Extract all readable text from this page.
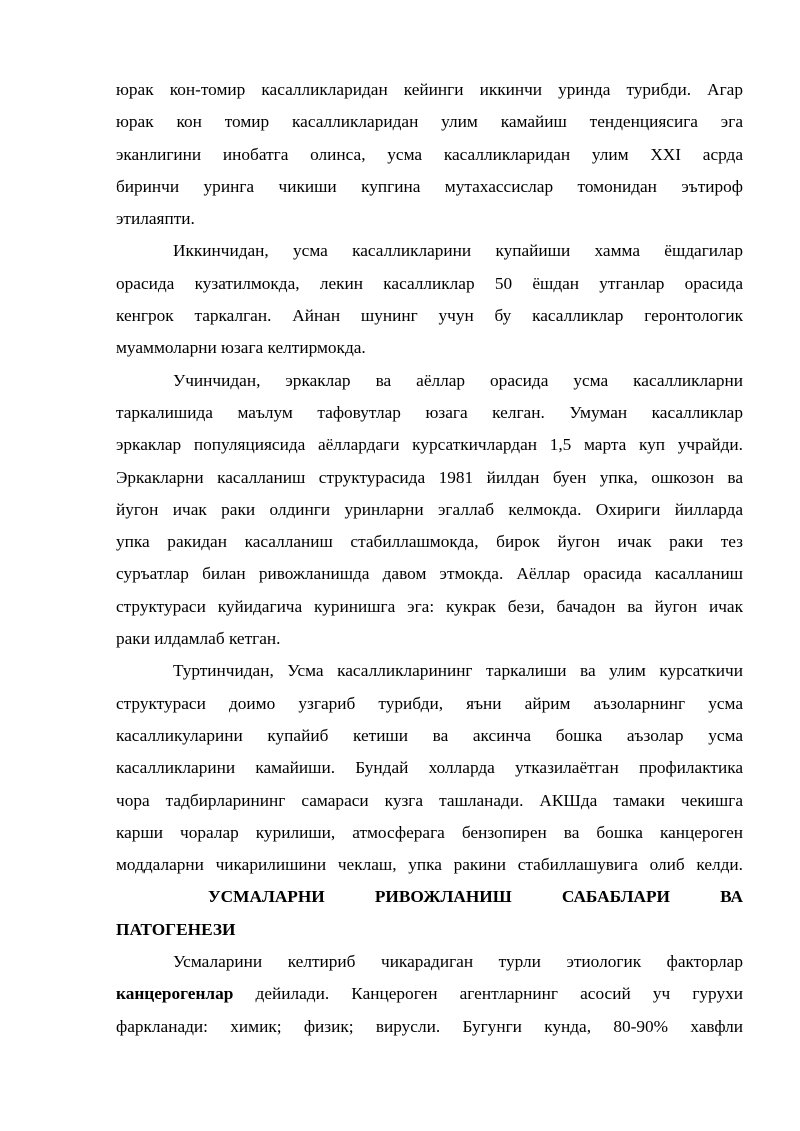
юрак кон-томир касалликларидан кейинги иккинчи уринда турибди. Агар
юрак кон томир касалликларидан улим камайиш тенденциясига эга
эканлигини инобатга олинса, усма касалликларидан улим XXI асрда
биринчи уринга чикиши купгина мутахассислар томонидан эътироф
этилаяпти.
Иккинчидан, усма касалликларини купайиши хамма ёшдагилар
орасида кузатилмокда, лекин касалликлар 50 ёшдан утганлар орасида
кенгрок таркалган. Айнан шунинг учун бу касалликлар геронтологик
муаммоларни юзага келтирмокда.
Учинчидан, эркаклар ва аёллар орасида усма касалликларни
таркалишида маълум тафовутлар юзага келган. Умуман касалликлар
эркаклар популяциясида аёллардаги курсаткичлардан 1,5 марта куп учрайди.
Эркакларни касалланиш структурасида 1981 йилдан буен упка, ошкозон ва
йугон ичак раки олдинги уринларни эгаллаб келмокда. Охириги йилларда
упка ракидан касалланиш стабиллашмокда, бирок йугон ичак раки тез
суръатлар билан ривожланишда давом этмокда. Аёллар орасида касалланиш
структураси куйидагича куринишга эга: кукрак бези, бачадон ва йугон ичак
раки илдамлаб кетган.
Туртинчидан, Усма касалликларининг таркалиши ва улим курсаткичи
структураси доимо узгариб турибди, яъни айрим аъзоларнинг усма
касалликуларини купайиб кетиши ва аксинча бошка аъзолар усма
касалликларини камайиши. Бундай холларда утказилаётган профилактика
чора тадбирларининг самараси кузга ташланади. АКШда тамаки чекишга
карши чоралар курилиши, атмосферага бензопирен ва бошка канцероген
моддаларни чикарилишини чеклаш, упка ракини стабиллашувига олиб келди.
УСМАЛАРНИ РИВОЖЛАНИШ САБАБЛАРИ ВА
ПАТОГЕНЕЗИ
Усмаларини келтириб чикарадиган турли этиологик факторлар
канцерогенлар дейилади. Канцероген агентларнинг асосий уч гурухи
фаркланади: химик; физик; вирусли. Бугунги кунда, 80-90% хавфли
